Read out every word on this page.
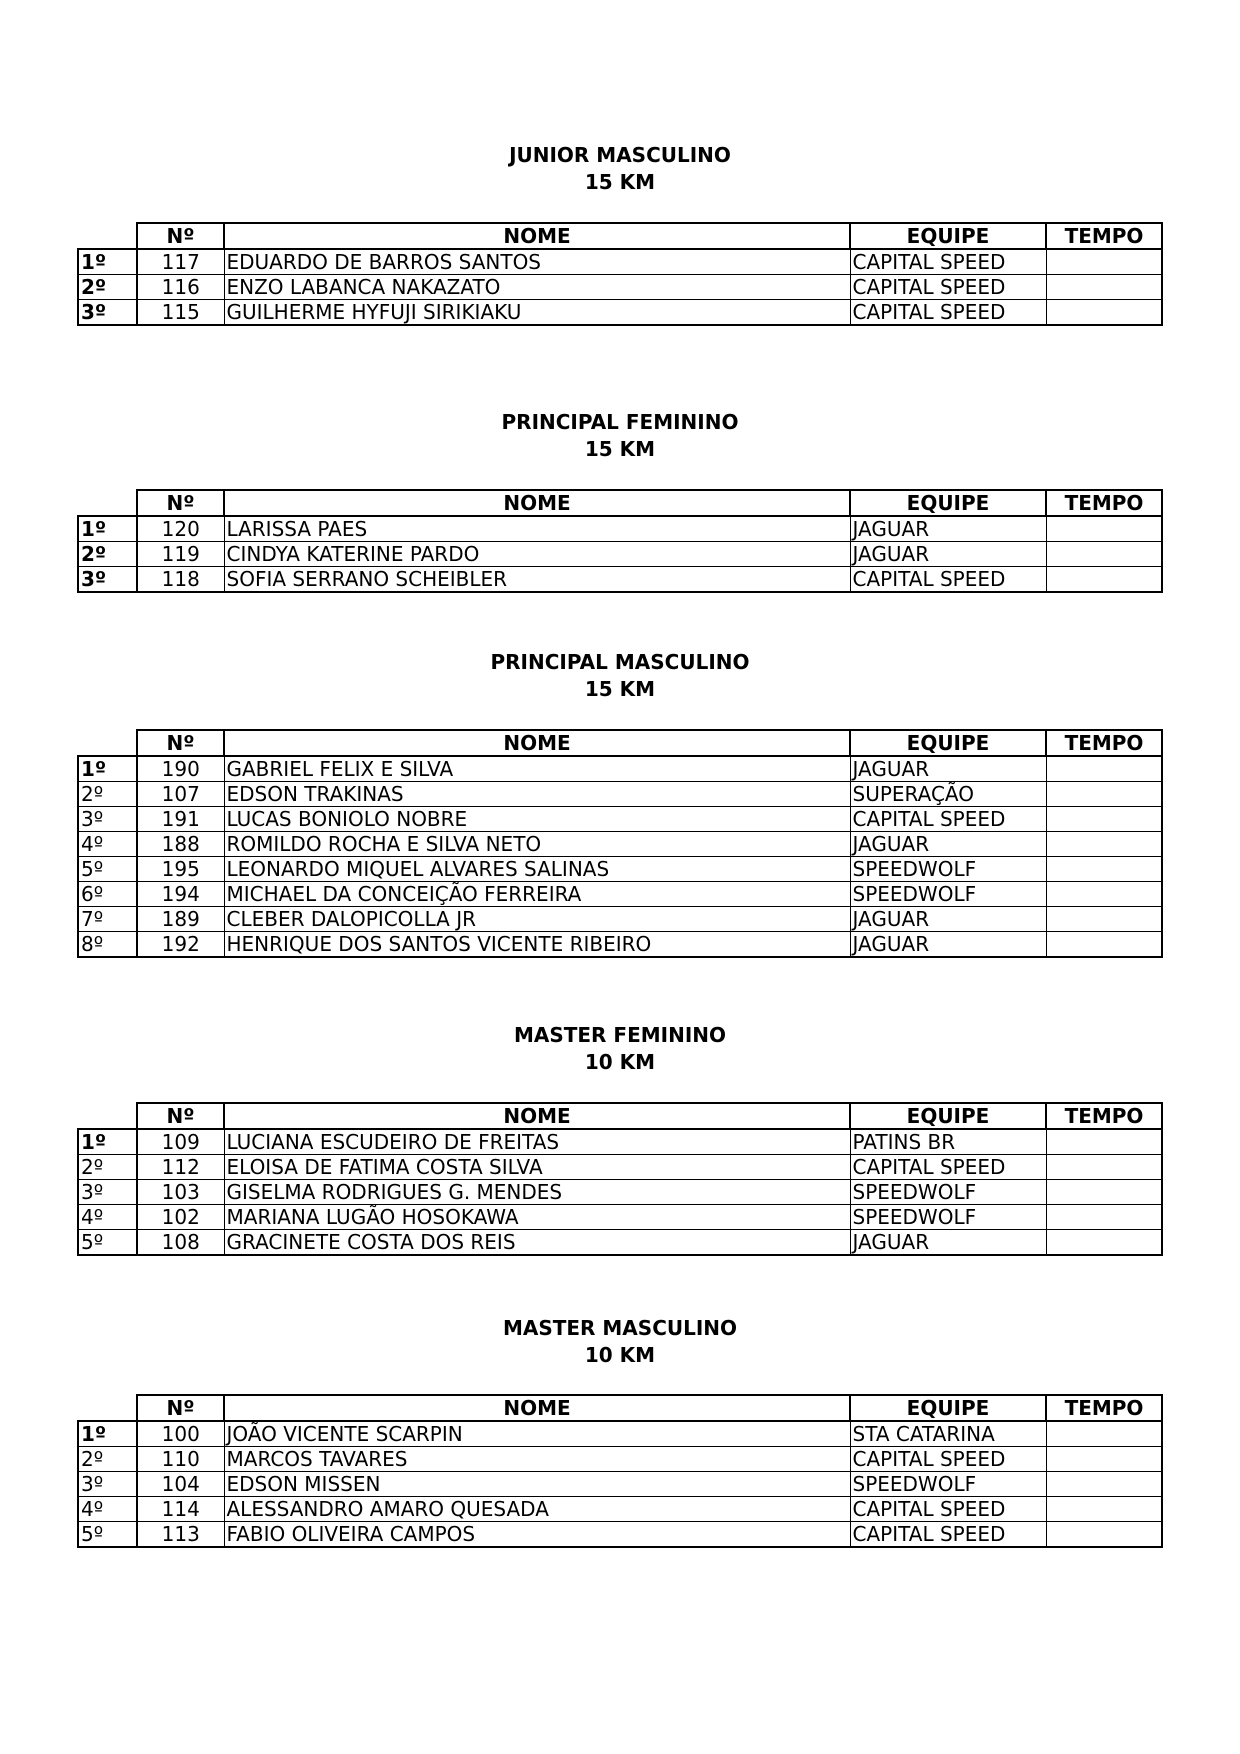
JUNIOR MASCULINO
15 KM
	Nº	NOME	EQUIPE	TEMPO
1º	117	EDUARDO DE BARROS SANTOS	CAPITAL SPEED	
2º	116	ENZO LABANCA NAKAZATO	CAPITAL SPEED	
3º	115	GUILHERME HYFUJI SIRIKIAKU	CAPITAL SPEED	
PRINCIPAL FEMININO
15 KM
	Nº	NOME	EQUIPE	TEMPO
1º	120	LARISSA PAES	JAGUAR	
2º	119	CINDYA KATERINE PARDO	JAGUAR	
3º	118	SOFIA SERRANO SCHEIBLER	CAPITAL SPEED	
PRINCIPAL MASCULINO
15 KM
	Nº	NOME	EQUIPE	TEMPO
1º	190	GABRIEL FELIX E SILVA	JAGUAR	
2º	107	EDSON TRAKINAS	SUPERAÇÃO	
3º	191	LUCAS BONIOLO NOBRE	CAPITAL SPEED	
4º	188	ROMILDO ROCHA E SILVA NETO	JAGUAR	
5º	195	LEONARDO MIQUEL ALVARES SALINAS	SPEEDWOLF	
6º	194	MICHAEL DA CONCEIÇÃO FERREIRA	SPEEDWOLF	
7º	189	CLEBER DALOPICOLLA JR	JAGUAR	
8º	192	HENRIQUE DOS SANTOS VICENTE RIBEIRO	JAGUAR	
MASTER FEMININO
10 KM
	Nº	NOME	EQUIPE	TEMPO
1º	109	LUCIANA ESCUDEIRO DE FREITAS	PATINS BR	
2º	112	ELOISA DE FATIMA COSTA SILVA	CAPITAL SPEED	
3º	103	GISELMA RODRIGUES G. MENDES	SPEEDWOLF	
4º	102	MARIANA LUGÃO HOSOKAWA	SPEEDWOLF	
5º	108	GRACINETE COSTA DOS REIS	JAGUAR	
MASTER MASCULINO
10 KM
	Nº	NOME	EQUIPE	TEMPO
1º	100	JOÃO VICENTE SCARPIN	STA CATARINA	
2º	110	MARCOS TAVARES	CAPITAL SPEED	
3º	104	EDSON MISSEN	SPEEDWOLF	
4º	114	ALESSANDRO AMARO QUESADA	CAPITAL SPEED	
5º	113	FABIO OLIVEIRA CAMPOS	CAPITAL SPEED	
